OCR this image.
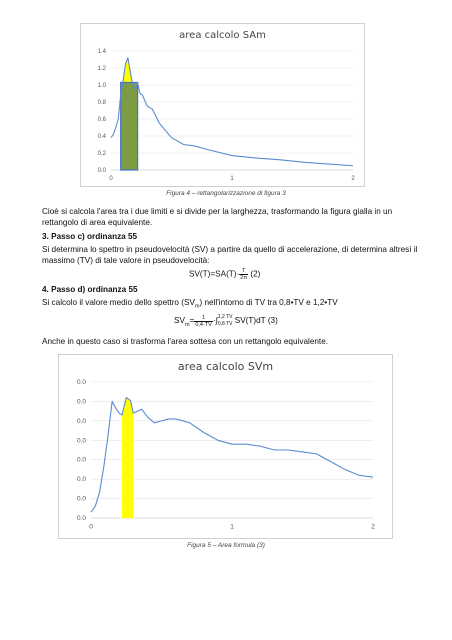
area calcolo SAm
1.4
1.2
1.0
0.8
0.6
0.4
0.2
0.0
0	1	2
Figura 4 – rettangolarizzazione di figura 3
Cioè si calcola l'area tra i due limiti e si divide per la larghezza, trasformando la figura gialla in un rettangolo di area equivalente.
3. Passo c) ordinanza 55
Si determina lo spettro in pseudovelocità (SV) a partire da quello di accelerazione, di determina altresì il massimo (TV) di tale valore in pseudovelocità:
$SV(T)=SA(T)\cdot \frac{T}{2\pi} (2)$
4. Passo d) ordinanza 55
Si calcolo il valore medio dello spettro $(SV_m)$ nell'intorno di TV tra 0,8•TV e 1,2•TV
$SV_m= \frac{1}{0,4\cdot TV}$ ·∫ 1,2 TV
0,8 TV SV(T)dT (3)
Anche in questo caso si trasforma l'area sottesa con un rettangolo equivalente.
area calcolo SVm
0.0
0.0
0.0
0.0
0.0
0.0
0.0
0.0
0	1	2
Figura 5 – Area formula (3)
